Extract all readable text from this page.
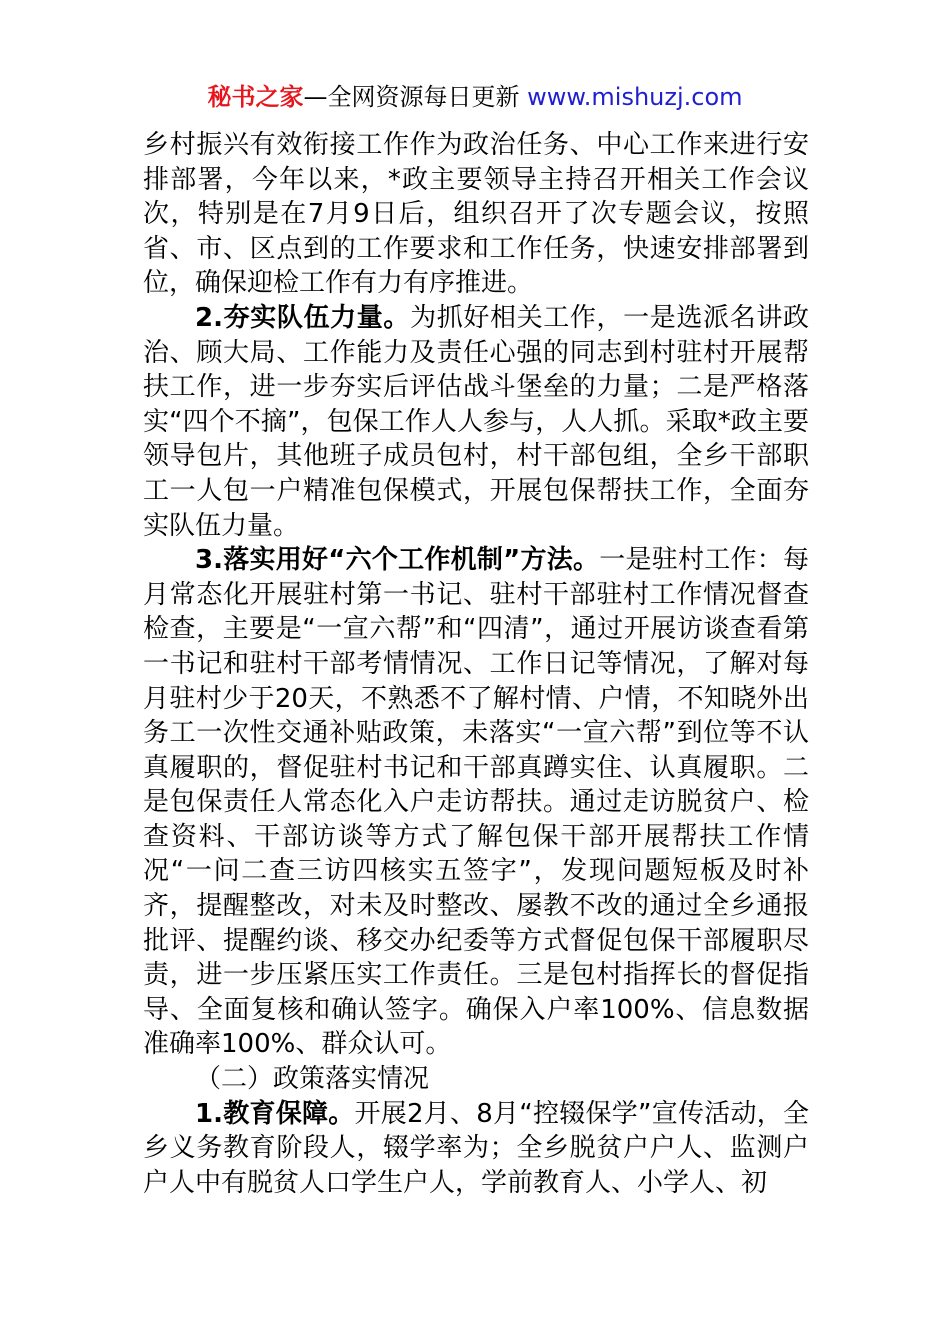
秘书之家—全网资源每日更新 www.mishuzj.com

乡村振兴有效衔接工作作为政治任务、中心工作来进行安排部署，今年以来，*政主要领导主持召开相关工作会议次，特别是在7月9日后，组织召开了次专题会议，按照省、市、区点到的工作要求和工作任务，快速安排部署到位，确保迎检工作有力有序推进。

2.夯实队伍力量。为抓好相关工作，一是选派名讲政治、顾大局、工作能力及责任心强的同志到村驻村开展帮扶工作，进一步夯实后评估战斗堡垒的力量；二是严格落实“四个不摘”，包保工作人人参与，人人抓。采取*政主要领导包片，其他班子成员包村，村干部包组，全乡干部职工一人包一户精准包保模式，开展包保帮扶工作，全面夯实队伍力量。

3.落实用好“六个工作机制”方法。一是驻村工作：每月常态化开展驻村第一书记、驻村干部驻村工作情况督查检查，主要是“一宣六帮”和“四清”，通过开展访谈查看第一书记和驻村干部考情情况、工作日记等情况，了解对每月驻村少于20天，不熟悉不了解村情、户情，不知晓外出务工一次性交通补贴政策，未落实“一宣六帮”到位等不认真履职的，督促驻村书记和干部真蹲实住、认真履职。二是包保责任人常态化入户走访帮扶。通过走访脱贫户、检查资料、干部访谈等方式了解包保干部开展帮扶工作情况“一问二查三访四核实五签字”，发现问题短板及时补齐，提醒整改，对未及时整改、屡教不改的通过全乡通报批评、提醒约谈、移交办纪委等方式督促包保干部履职尽责，进一步压紧压实工作责任。三是包村指挥长的督促指导、全面复核和确认签字。确保入户率100%、信息数据准确率100%、群众认可。

（二）政策落实情况

1.教育保障。开展2月、8月“控辍保学”宣传活动，全乡义务教育阶段人，辍学率为；全乡脱贫户户人、监测户户人中有脱贫人口学生户人，学前教育人、小学人、初
